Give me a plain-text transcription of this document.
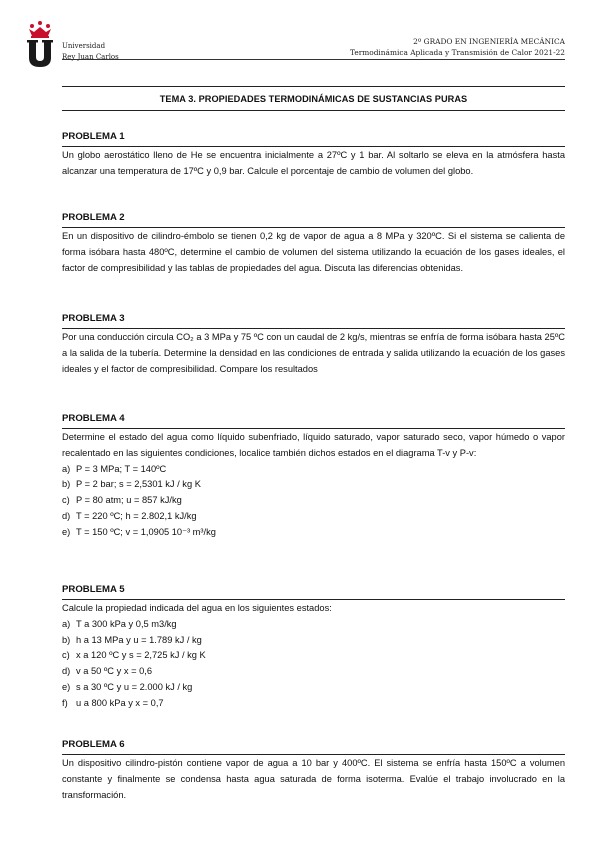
Universidad
Rey Juan Carlos
2º GRADO EN INGENIERÍA MECÁNICA
Termodinámica Aplicada y Transmisión de Calor 2021-22
TEMA 3. PROPIEDADES TERMODINÁMICAS DE SUSTANCIAS PURAS
PROBLEMA 1
Un globo aerostático lleno de He se encuentra inicialmente a 27ºC y 1 bar. Al soltarlo se eleva en la atmósfera hasta alcanzar una temperatura de 17ºC y 0,9 bar. Calcule el porcentaje de cambio de volumen del globo.
PROBLEMA 2
En un dispositivo de cilindro-émbolo se tienen 0,2 kg de vapor de agua a 8 MPa y 320ºC. Si el sistema se calienta de forma isóbara hasta 480ºC, determine el cambio de volumen del sistema utilizando la ecuación de los gases ideales, el factor de compresibilidad y las tablas de propiedades del agua. Discuta las diferencias obtenidas.
PROBLEMA 3
Por una conducción circula CO₂ a 3 MPa y 75 ºC con un caudal de 2 kg/s, mientras se enfría de forma isóbara hasta 25ºC a la salida de la tubería. Determine la densidad en las condiciones de entrada y salida utilizando la ecuación de los gases ideales y el factor de compresibilidad. Compare los resultados
PROBLEMA 4
Determine el estado del agua como líquido subenfriado, líquido saturado, vapor saturado seco, vapor húmedo o vapor recalentado en las siguientes condiciones, localice también dichos estados en el diagrama T-v y P-v:
a) P = 3 MPa; T = 140ºC
b) P = 2 bar; s = 2,5301 kJ / kg K
c) P = 80 atm; u = 857 kJ/kg
d) T = 220 ºC; h = 2.802,1 kJ/kg
e) T = 150 ºC; v = 1,0905 10⁻³ m³/kg
PROBLEMA 5
Calcule la propiedad indicada del agua en los siguientes estados:
a) T a 300 kPa y 0,5 m3/kg
b) h a 13 MPa y u = 1.789 kJ / kg
c) x a 120 ºC y s = 2,725 kJ / kg K
d) v a 50 ºC y x = 0,6
e) s a 30 ºC y u = 2.000 kJ / kg
f) u a 800 kPa y x = 0,7
PROBLEMA 6
Un dispositivo cilindro-pistón contiene vapor de agua a 10 bar y 400ºC. El sistema se enfría hasta 150ºC a volumen constante y finalmente se condensa hasta agua saturada de forma isoterma. Evalúe el trabajo involucrado en la transformación.
